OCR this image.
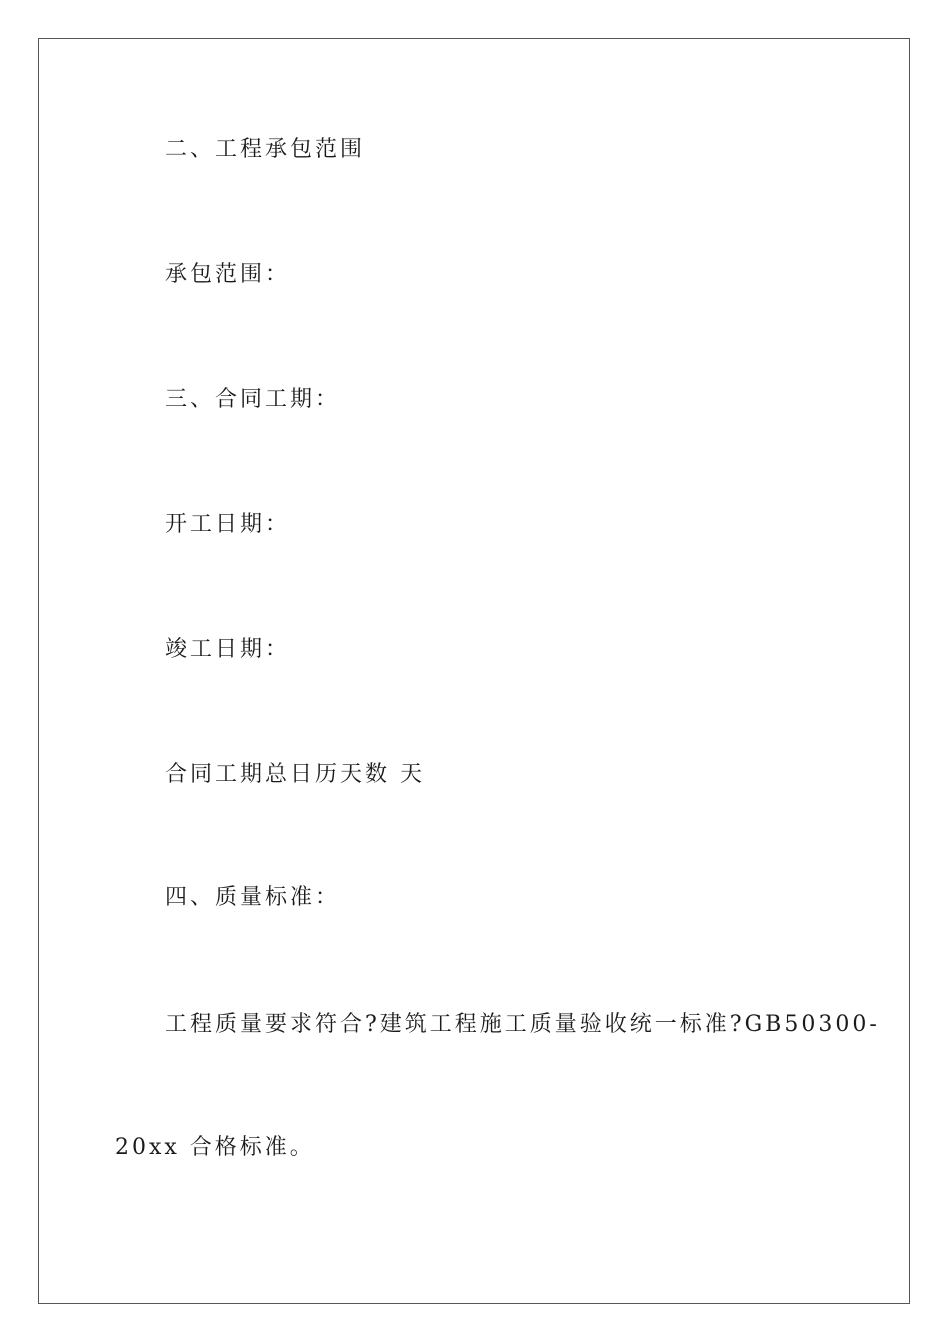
二、工程承包范围
承包范围：
三、合同工期：
开工日期：
竣工日期：
合同工期总日历天数 天
四、质量标准：
工程质量要求符合?建筑工程施工质量验收统一标准?GB50300-
20xx 合格标准。
